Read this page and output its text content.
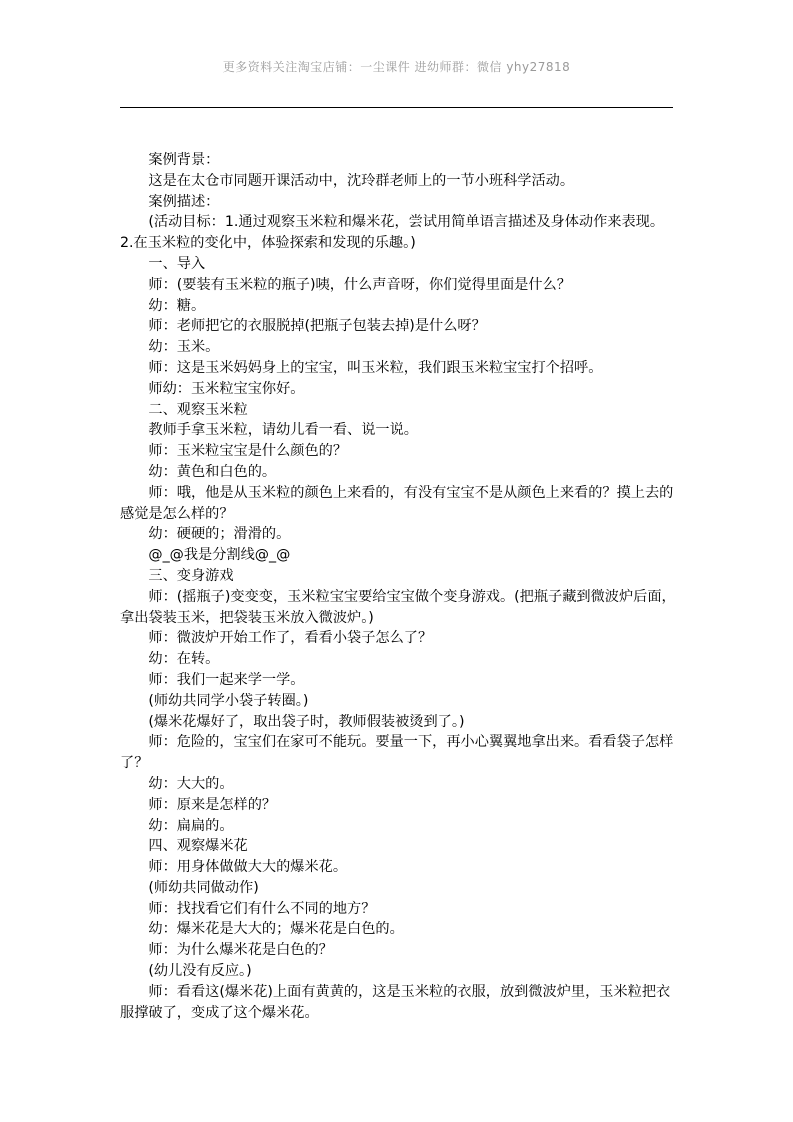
更多资料关注淘宝店铺：一尘课件 进幼师群：微信 yhy27818

案例背景：

这是在太仓市同题开课活动中，沈玲群老师上的一节小班科学活动。

案例描述：

(活动目标：1.通过观察玉米粒和爆米花，尝试用简单语言描述及身体动作来表现。2.在玉米粒的变化中，体验探索和发现的乐趣。)

一、导入

师：(要装有玉米粒的瓶子)咦，什么声音呀，你们觉得里面是什么？

幼：糖。

师：老师把它的衣服脱掉(把瓶子包装去掉)是什么呀？

幼：玉米。

师：这是玉米妈妈身上的宝宝，叫玉米粒，我们跟玉米粒宝宝打个招呼。

师幼：玉米粒宝宝你好。

二、观察玉米粒

教师手拿玉米粒，请幼儿看一看、说一说。

师：玉米粒宝宝是什么颜色的？

幼：黄色和白色的。

师：哦，他是从玉米粒的颜色上来看的，有没有宝宝不是从颜色上来看的？摸上去的感觉是怎么样的？

幼：硬硬的；滑滑的。

@_@我是分割线@_@

三、变身游戏

师：(摇瓶子)变变变，玉米粒宝宝要给宝宝做个变身游戏。(把瓶子藏到微波炉后面，拿出袋装玉米，把袋装玉米放入微波炉。)

师：微波炉开始工作了，看看小袋子怎么了？

幼：在转。

师：我们一起来学一学。

(师幼共同学小袋子转圈。)

(爆米花爆好了，取出袋子时，教师假装被烫到了。)

师：危险的，宝宝们在家可不能玩。要量一下，再小心翼翼地拿出来。看看袋子怎样了？

幼：大大的。

师：原来是怎样的？

幼：扁扁的。

四、观察爆米花

师：用身体做做大大的爆米花。

(师幼共同做动作)

师：找找看它们有什么不同的地方？

幼：爆米花是大大的；爆米花是白色的。

师：为什么爆米花是白色的？

(幼儿没有反应。)

师：看看这(爆米花)上面有黄黄的，这是玉米粒的衣服，放到微波炉里，玉米粒把衣服撑破了，变成了这个爆米花。
